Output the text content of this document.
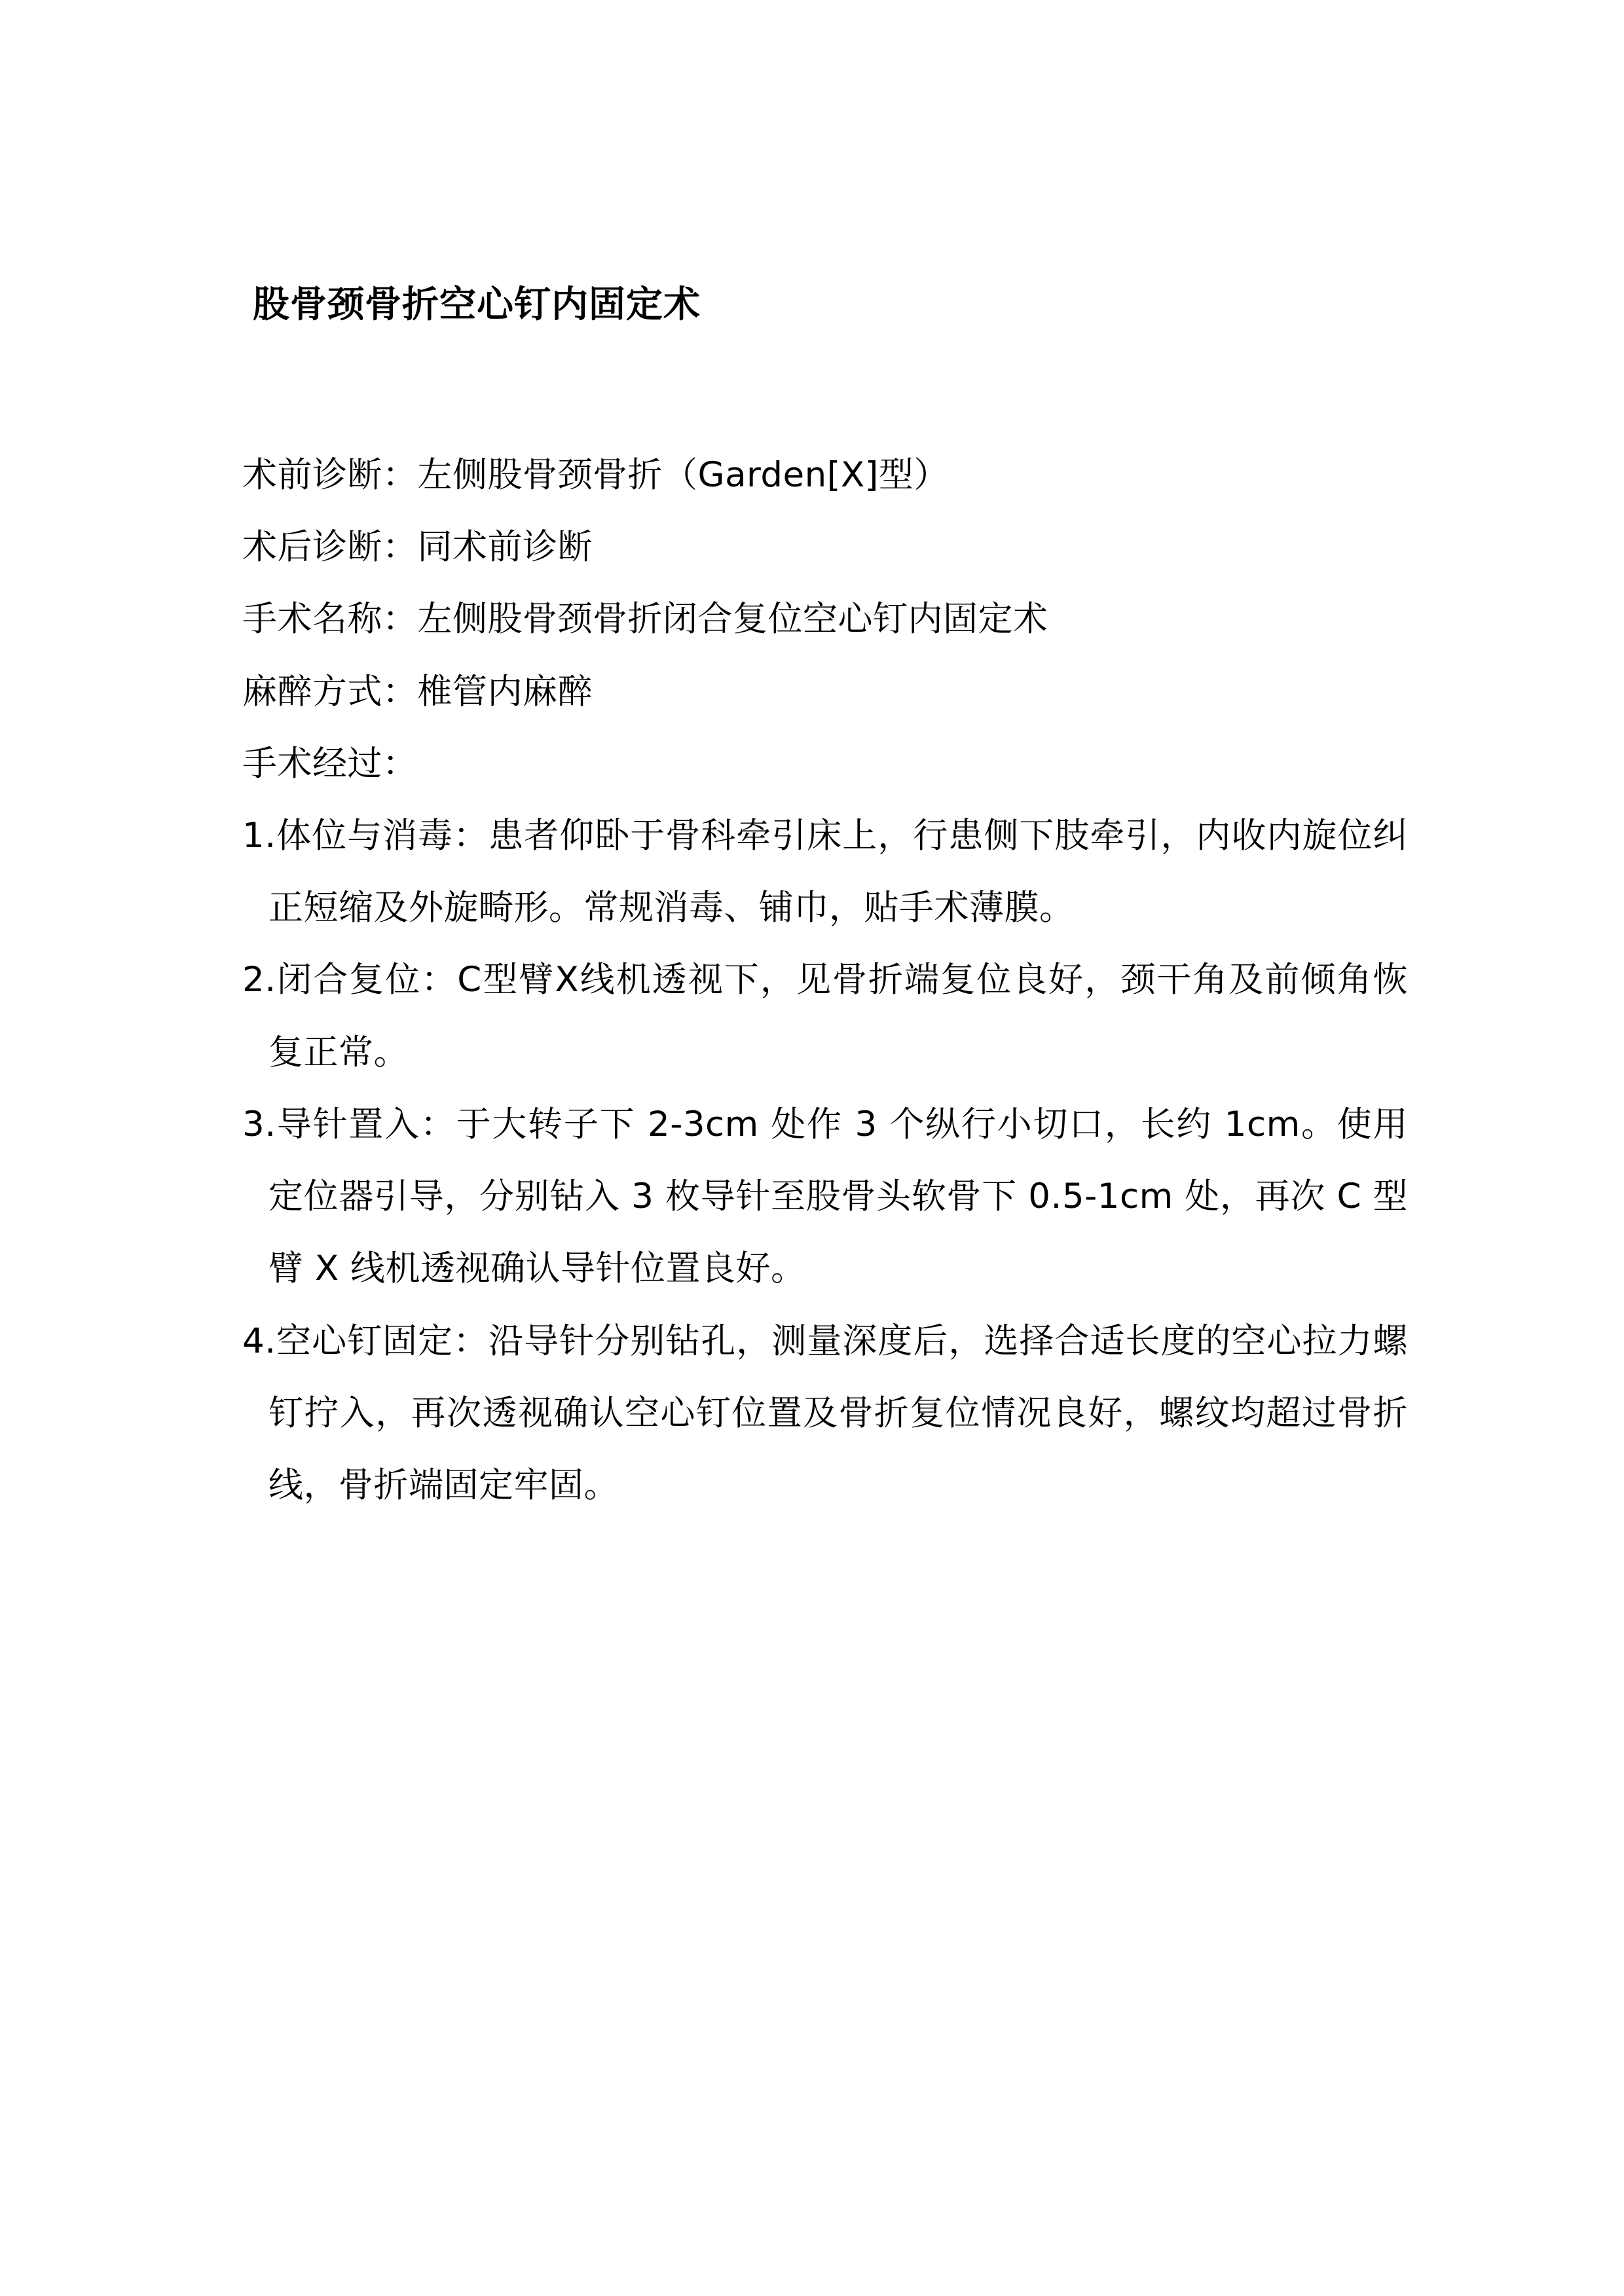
股骨颈骨折空心钉内固定术

术前诊断：左侧股骨颈骨折（Garden[X]型）

术后诊断：同术前诊断

手术名称：左侧股骨颈骨折闭合复位空心钉内固定术

麻醉方式：椎管内麻醉

手术经过：

1.体位与消毒：患者仰卧于骨科牵引床上，行患侧下肢牵引，内收内旋位纠正短缩及外旋畸形。常规消毒、铺巾，贴手术薄膜。

2.闭合复位：C型臂X线机透视下，见骨折端复位良好，颈干角及前倾角恢复正常。

3.导针置入：于大转子下 2-3cm 处作 3 个纵行小切口，长约 1cm。使用定位器引导，分别钻入 3 枚导针至股骨头软骨下 0.5-1cm 处，再次 C 型臂 X 线机透视确认导针位置良好。

4.空心钉固定：沿导针分别钻孔，测量深度后，选择合适长度的空心拉力螺钉拧入，再次透视确认空心钉位置及骨折复位情况良好，螺纹均超过骨折线，骨折端固定牢固。
